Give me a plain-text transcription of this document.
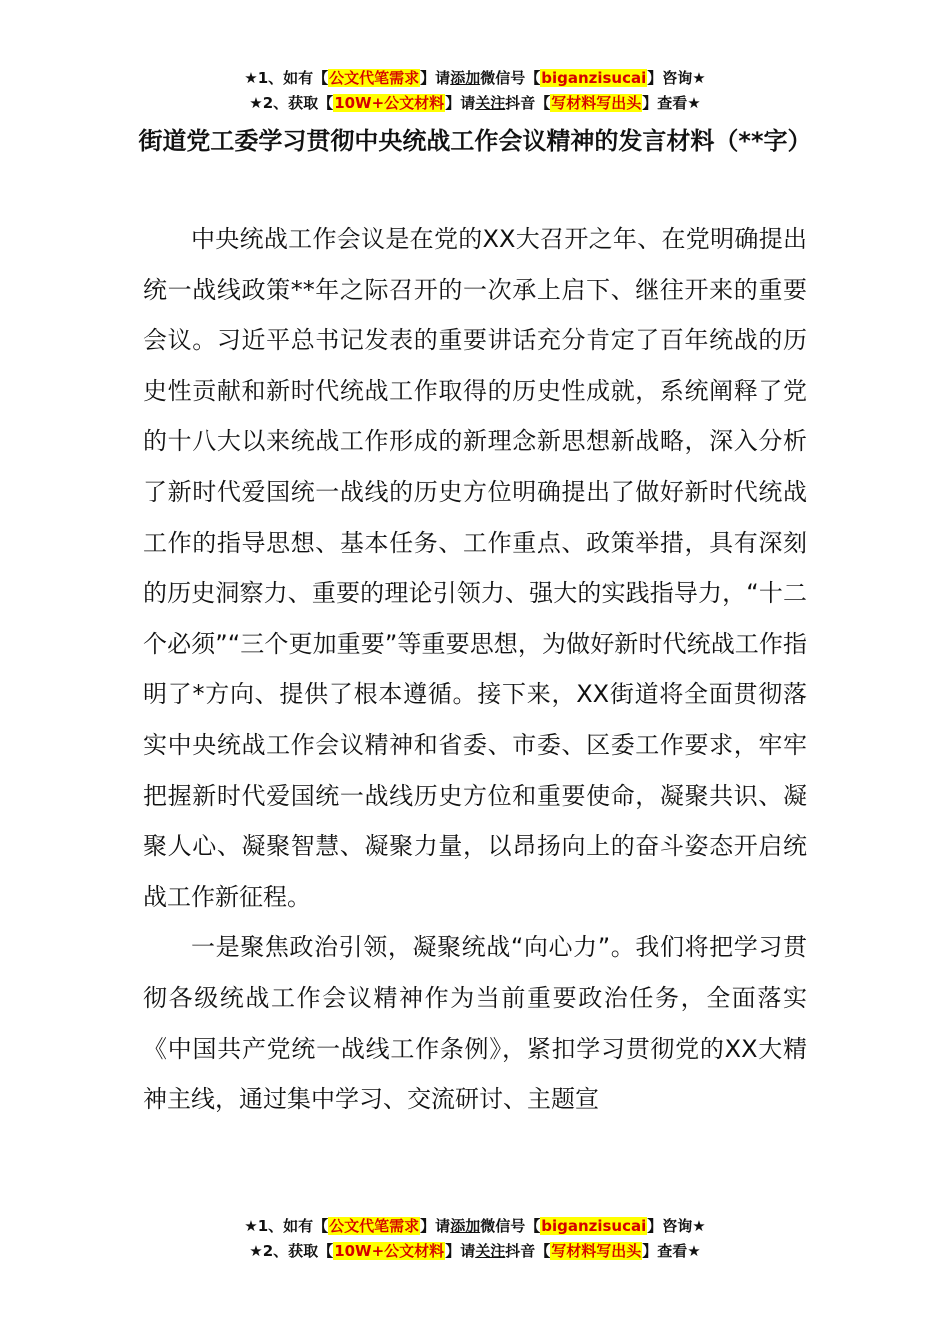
★1、如有【公文代笔需求】请添加微信号【biganzisucai】咨询★
★2、获取【10W+公文材料】请关注抖音【写材料写出头】查看★
街道党工委学习贯彻中央统战工作会议精神的发言材料（**字）

中央统战工作会议是在党的XX大召开之年、在党明确提出统一战线政策**年之际召开的一次承上启下、继往开来的重要会议。习近平总书记发表的重要讲话充分肯定了百年统战的历史性贡献和新时代统战工作取得的历史性成就，系统阐释了党的十八大以来统战工作形成的新理念新思想新战略，深入分析了新时代爱国统一战线的历史方位明确提出了做好新时代统战工作的指导思想、基本任务、工作重点、政策举措，具有深刻的历史洞察力、重要的理论引领力、强大的实践指导力，“十二个必须”“三个更加重要”等重要思想，为做好新时代统战工作指明了*方向、提供了根本遵循。接下来，XX街道将全面贯彻落实中央统战工作会议精神和省委、市委、区委工作要求，牢牢把握新时代爱国统一战线历史方位和重要使命，凝聚共识、凝聚人心、凝聚智慧、凝聚力量，以昂扬向上的奋斗姿态开启统战工作新征程。

一是聚焦政治引领，凝聚统战“向心力”。我们将把学习贯彻各级统战工作会议精神作为当前重要政治任务，全面落实《中国共产党统一战线工作条例》，紧扣学习贯彻党的XX大精神主线，通过集中学习、交流研讨、主题宣

★1、如有【公文代笔需求】请添加微信号【biganzisucai】咨询★
★2、获取【10W+公文材料】请关注抖音【写材料写出头】查看★
